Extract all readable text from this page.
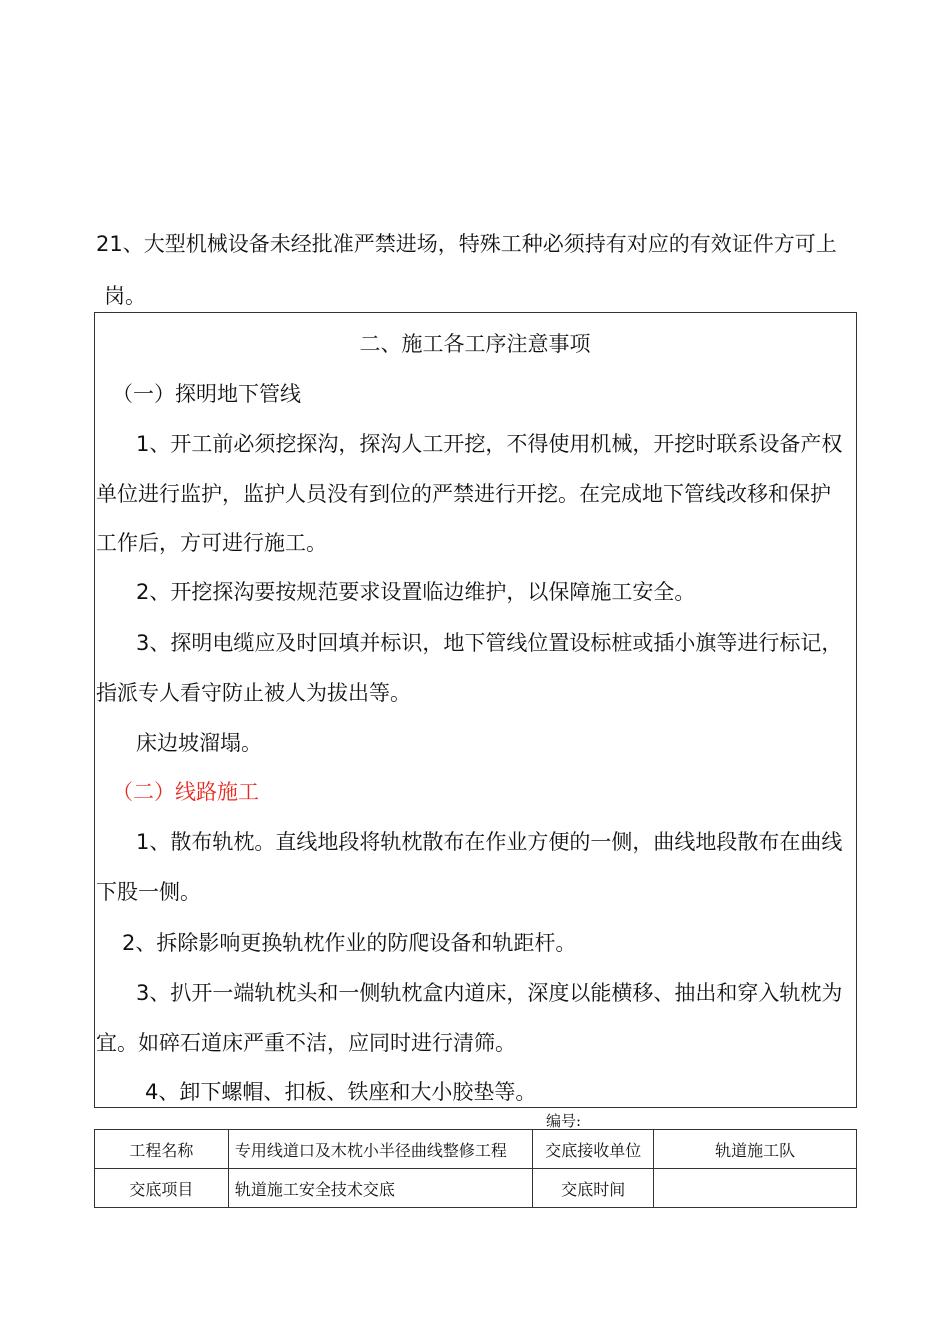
21、大型机械设备未经批准严禁进场，特殊工种必须持有对应的有效证件方可上
岗。
二、施工各工序注意事项
（一）探明地下管线
1、开工前必须挖探沟，探沟人工开挖，不得使用机械，开挖时联系设备产权
单位进行监护，监护人员没有到位的严禁进行开挖。在完成地下管线改移和保护
工作后，方可进行施工。
2、开挖探沟要按规范要求设置临边维护，以保障施工安全。
3、探明电缆应及时回填并标识，地下管线位置设标桩或插小旗等进行标记，
指派专人看守防止被人为拔出等。
床边坡溜塌。
（二）线路施工
1、散布轨枕。直线地段将轨枕散布在作业方便的一侧，曲线地段散布在曲线
下股一侧。
2、拆除影响更换轨枕作业的防爬设备和轨距杆。
3、扒开一端轨枕头和一侧轨枕盒内道床，深度以能横移、抽出和穿入轨枕为
宜。如碎石道床严重不洁，应同时进行清筛。
4、卸下螺帽、扣板、铁座和大小胶垫等。
编号:
工程名称	专用线道口及木枕小半径曲线整修工程	交底接收单位	轨道施工队
交底项目	轨道施工安全技术交底	交底时间	
